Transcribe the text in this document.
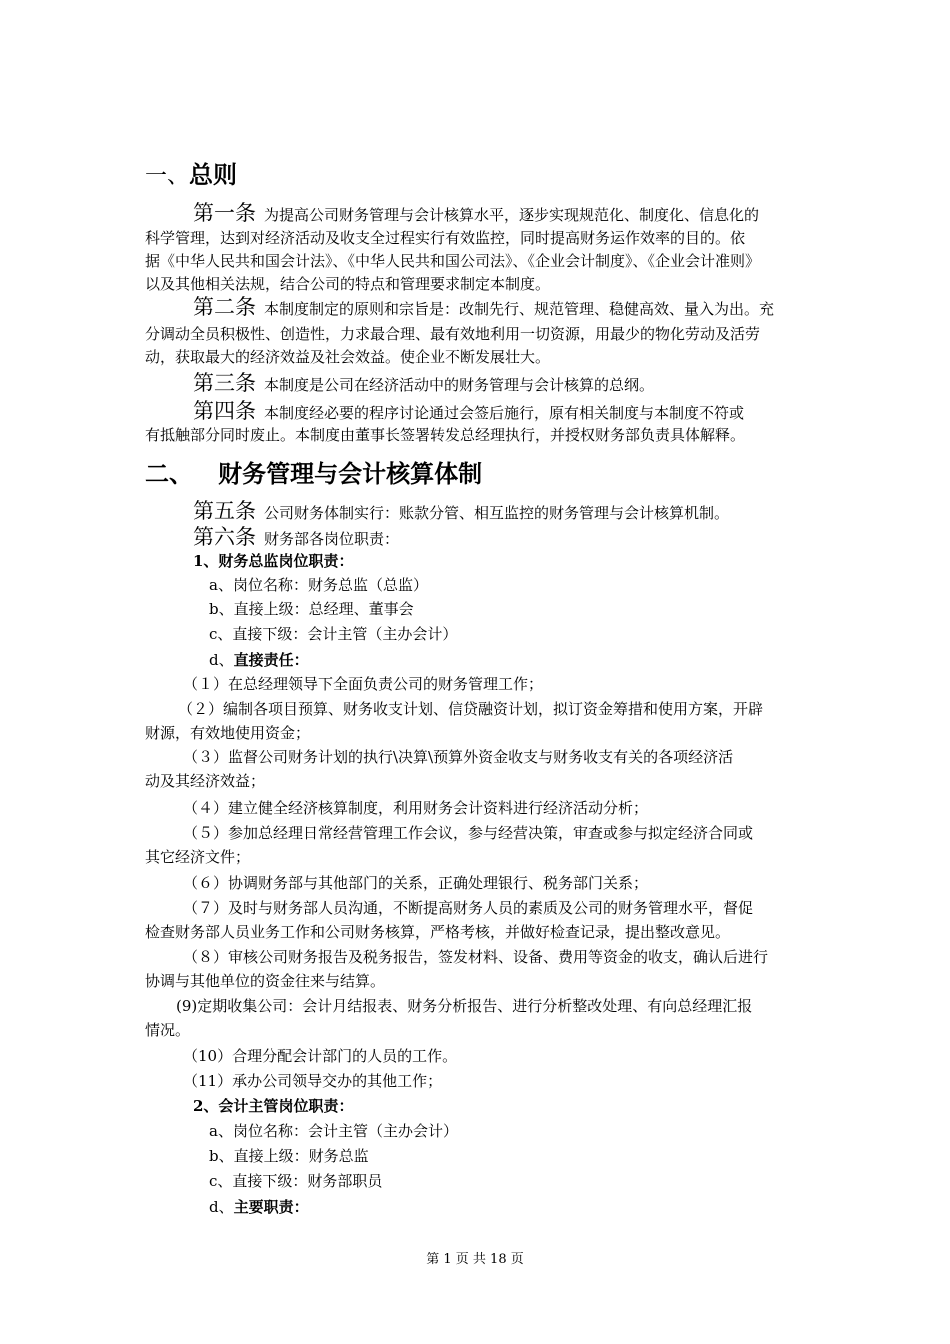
一、总则
第一条 为提高公司财务管理与会计核算水平，逐步实现规范化、制度化、信息化的
科学管理，达到对经济活动及收支全过程实行有效监控，同时提高财务运作效率的目的。依
据《中华人民共和国会计法》、《中华人民共和国公司法》、《企业会计制度》、《企业会计准则》
以及其他相关法规，结合公司的特点和管理要求制定本制度。
第二条 本制度制定的原则和宗旨是：改制先行、规范管理、稳健高效、量入为出。充
分调动全员积极性、创造性，力求最合理、最有效地利用一切资源，用最少的物化劳动及活劳
动，获取最大的经济效益及社会效益。使企业不断发展壮大。
第三条 本制度是公司在经济活动中的财务管理与会计核算的总纲。
第四条 本制度经必要的程序讨论通过会签后施行，原有相关制度与本制度不符或
有抵触部分同时废止。本制度由董事长签署转发总经理执行，并授权财务部负责具体解释。
二、 财务管理与会计核算体制
第五条 公司财务体制实行：账款分管、相互监控的财务管理与会计核算机制。
第六条 财务部各岗位职责：
1、财务总监岗位职责：
a、岗位名称：财务总监（总监）
b、直接上级：总经理、董事会
c、直接下级：会计主管（主办会计）
d、直接责任：
（１）在总经理领导下全面负责公司的财务管理工作；
（２）编制各项目预算、财务收支计划、信贷融资计划，拟订资金筹措和使用方案，开辟
财源，有效地使用资金；
（３）监督公司财务计划的执行\决算\预算外资金收支与财务收支有关的各项经济活
动及其经济效益；
（４）建立健全经济核算制度，利用财务会计资料进行经济活动分析；
（５）参加总经理日常经营管理工作会议，参与经营决策，审查或参与拟定经济合同或
其它经济文件；
（６）协调财务部与其他部门的关系，正确处理银行、税务部门关系；
（７）及时与财务部人员沟通，不断提高财务人员的素质及公司的财务管理水平，督促
检查财务部人员业务工作和公司财务核算，严格考核，并做好检查记录，提出整改意见。
（８）审核公司财务报告及税务报告，签发材料、设备、费用等资金的收支，确认后进行
协调与其他单位的资金往来与结算。
(9)定期收集公司：会计月结报表、财务分析报告、进行分析整改处理、有向总经理汇报
情况。
（10）合理分配会计部门的人员的工作。
（11）承办公司领导交办的其他工作；
2、会计主管岗位职责：
a、岗位名称：会计主管（主办会计）
b、直接上级：财务总监
c、直接下级：财务部职员
d、主要职责：
第 1 页 共 18 页
